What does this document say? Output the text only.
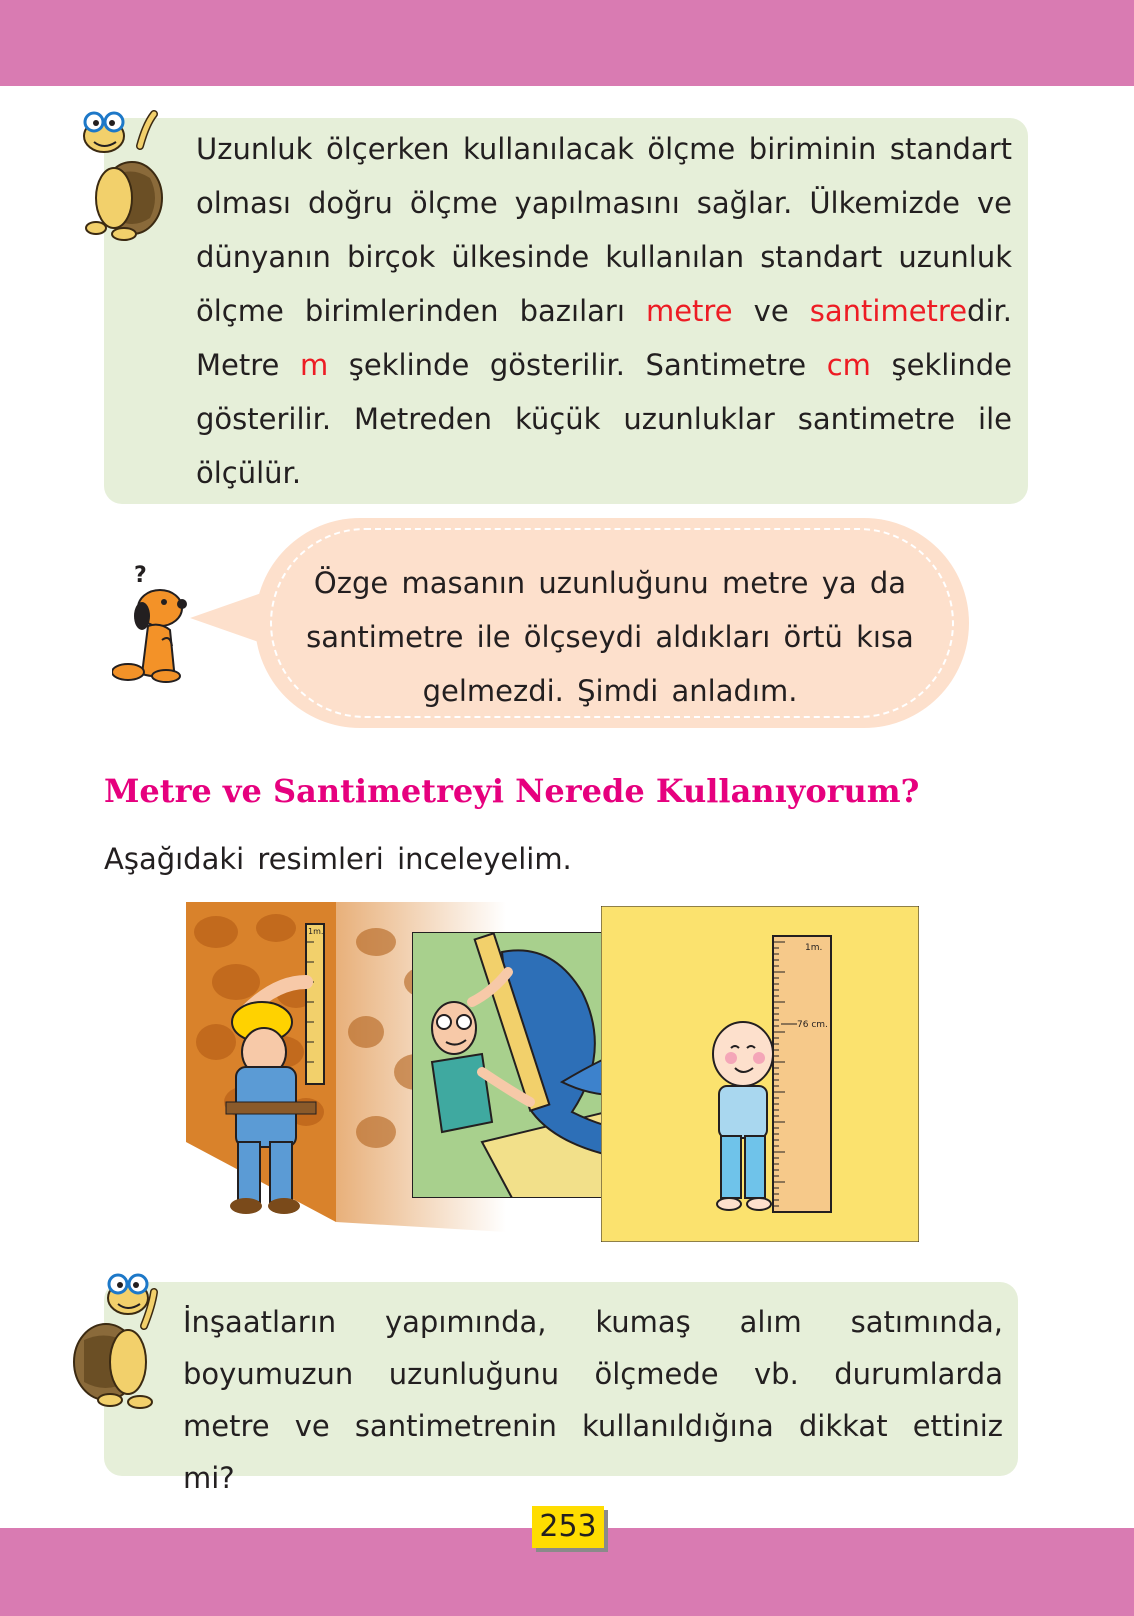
Uzunluk ölçerken kullanılacak ölçme biriminin standart olması doğru ölçme yapılmasını sağlar. Ülkemizde ve dünyanın birçok ülkesinde kullanılan standart uzunluk ölçme birimlerinden bazıları metre ve santimetredir. Metre m şeklinde gösterilir. Santimetre cm şeklinde gösterilir. Metreden küçük uzunluklar santimetre ile ölçülür.
Özge masanın uzunluğunu metre ya da santimetre ile ölçseydi aldıkları örtü kısa gelmezdi. Şimdi anladım.
?
Metre ve Santimetreyi Nerede Kullanıyorum?
Aşağıdaki resimleri inceleyelim.
1m.
1m.
76 cm.
İnşaatların yapımında, kumaş alım satımında, boyumuzun uzunluğunu ölçmede vb. durumlarda metre ve santimetrenin kullanıldığına dikkat ettiniz mi?
253
